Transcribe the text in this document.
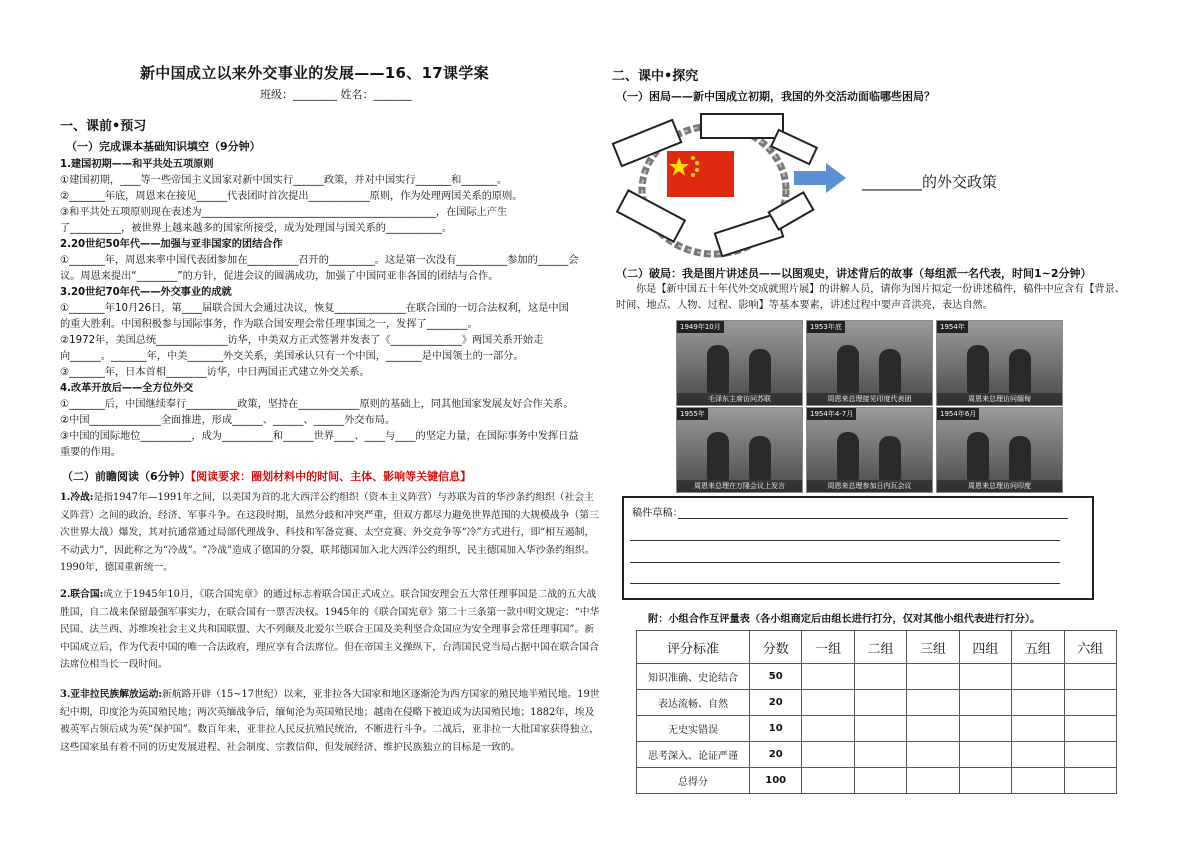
新中国成立以来外交事业的发展——16、17课学案
班级：________ 姓名：_______
一、课前•预习
（一）完成课本基础知识填空（9分钟）
1.建国初期——和平共处五项原则
①建国初期，____等一些帝国主义国家对新中国实行______政策，并对中国实行_______和_______。
②_______年底，周恩来在接见______代表团时首次提出____________原则，作为处理两国关系的原则。
③和平共处五项原则现在表述为______________________________________________，在国际上产生
了__________，被世界上越来越多的国家所接受，成为处理国与国关系的___________。
2.20世纪50年代——加强与亚非国家的团结合作
①_______年，周恩来率中国代表团参加在__________召开的_________。这是第一次没有__________参加的______会
议。周恩来提出“________”的方针，促进会议的圆满成功，加强了中国同亚非各国的团结与合作。
3.20世纪70年代——外交事业的成就
①_______年10月26日，第____届联合国大会通过决议，恢复______________在联合国的一切合法权利，这是中国
的重大胜利。中国积极参与国际事务，作为联合国安理会常任理事国之一，发挥了________。
②1972年，美国总统______________访华，中美双方正式签署并发表了《______________》两国关系开始走
向______。_______年，中美_______外交关系，美国承认只有一个中国，_______是中国领土的一部分。
③_______年，日本首相________访华，中日两国正式建立外交关系。
4.改革开放后——全方位外交
①_______后，中国继续奉行__________政策，坚持在____________原则的基础上，同其他国家发展友好合作关系。
②中国______________全面推进，形成______、______、______外交布局。
③中国的国际地位__________，成为__________和______世界____、____与____的坚定力量，在国际事务中发挥日益
重要的作用。
（二）前瞻阅读（6分钟）【阅读要求：圈划材料中的时间、主体、影响等关键信息】
1.冷战:是指1947年—1991年之间，以美国为首的北大西洋公约组织（资本主义阵营）与苏联为首的华沙条约组织（社会主义阵营）之间的政治、经济、军事斗争。在这段时期，虽然分歧和冲突严重，但双方都尽力避免世界范围的大规模战争（第三次世界大战）爆发，其对抗通常通过局部代理战争、科技和军备竞赛、太空竞赛、外交竞争等“冷”方式进行，即“相互遏制，不动武力”，因此称之为“冷战”。“冷战”造成了德国的分裂，联邦德国加入北大西洋公约组织，民主德国加入华沙条约组织。1990年，德国重新统一。
2.联合国:成立于1945年10月，《联合国宪章》的通过标志着联合国正式成立。联合国安理会五大常任理事国是二战的五大战胜国，自二战来保留最强军事实力，在联合国有一票否决权。1945年的《联合国宪章》第二十三条第一款中明文规定：“中华民国、法兰西、苏维埃社会主义共和国联盟、大不列颠及北爱尔兰联合王国及美利坚合众国应为安全理事会常任理事国”。新中国成立后，作为代表中国的唯一合法政府，理应享有合法席位。但在帝国主义操纵下，台湾国民党当局占据中国在联合国合法席位相当长一段时间。
3.亚非拉民族解放运动:新航路开辟（15~17世纪）以来，亚非拉各大国家和地区逐渐沦为西方国家的殖民地半殖民地。19世纪中期，印度沦为英国殖民地；两次英缅战争后，缅甸沦为英国殖民地；越南在侵略下被迫成为法国殖民地；1882年，埃及被英军占领后成为英“保护国”。数百年来，亚非拉人民反抗殖民统治，不断进行斗争。二战后，亚非拉一大批国家获得独立，这些国家虽有着不同的历史发展进程、社会制度、宗教信仰，但发展经济、维护民族独立的目标是一致的。
二、课中•探究
（一）困局——新中国成立初期，我国的外交活动面临哪些困局？
________的外交政策
（二）破局：我是图片讲述员——以图观史，讲述背后的故事（每组派一名代表，时间1~2分钟）
你是【新中国五十年代外交成就照片展】的讲解人员，请你为图片拟定一份讲述稿件，稿件中应含有【背景、
时间、地点、人物、过程、影响】等基本要素，讲述过程中要声音洪亮，表达自然。
1949年10月
毛泽东主席访问苏联
1953年底
周恩来总理接见印度代表团
1954年
周恩来总理访问缅甸
1955年
周恩来总理在万隆会议上发言
1954年4-7月
周恩来总理参加日内瓦会议
1954年6月
周恩来总理访问印度
稿件草稿：
附：小组合作互评量表（各小组商定后由组长进行打分，仅对其他小组代表进行打分）。
评分标准	分数	一组	二组	三组	四组	五组	六组
知识准确、史论结合	50						
表达流畅、自然	20						
无史实错误	10						
思考深入、论证严谨	20						
总得分	100						
